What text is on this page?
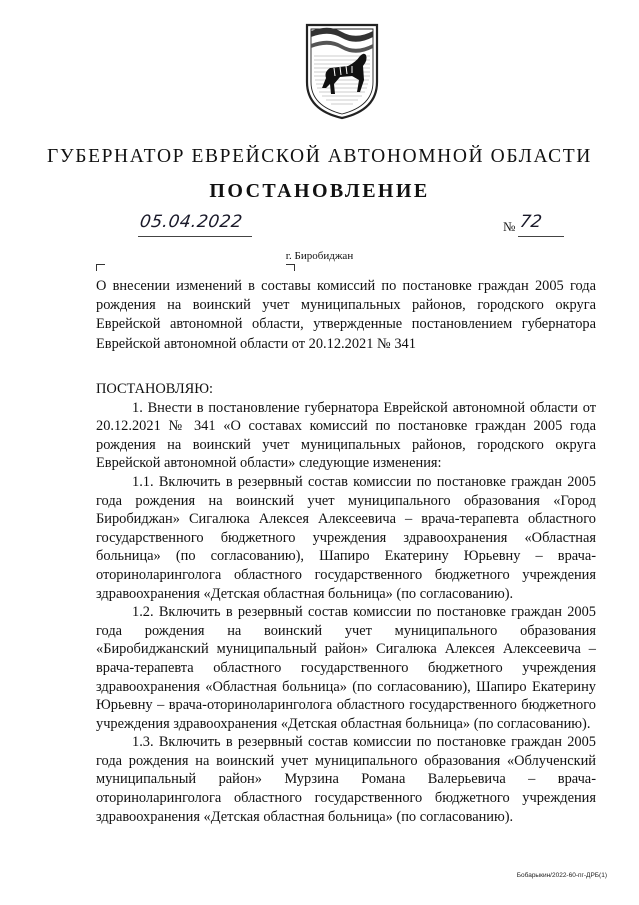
ГУБЕРНАТОР ЕВРЕЙСКОЙ АВТОНОМНОЙ ОБЛАСТИ
ПОСТАНОВЛЕНИЕ
05.04.2022	№ 72
г. Биробиджан
О внесении изменений в составы комиссий по постановке граждан 2005 года рождения на воинский учет муниципальных районов, городского округа Еврейской автономной области, утвержденные постановлением губернатора Еврейской автономной области от 20.12.2021 № 341

ПОСТАНОВЛЯЮ:

1. Внести в постановление губернатора Еврейской автономной области от 20.12.2021 № 341 «О составах комиссий по постановке граждан 2005 года рождения на воинский учет муниципальных районов, городского округа Еврейской автономной области» следующие изменения:

1.1. Включить в резервный состав комиссии по постановке граждан 2005 года рождения на воинский учет муниципального образования «Город Биробиджан» Сигалюка Алексея Алексеевича – врача-терапевта областного государственного бюджетного учреждения здравоохранения «Областная больница» (по согласованию), Шапиро Екатерину Юрьевну – врача-оториноларинголога областного государственного бюджетного учреждения здравоохранения «Детская областная больница» (по согласованию).

1.2. Включить в резервный состав комиссии по постановке граждан 2005 года рождения на воинский учет муниципального образования «Биробиджанский муниципальный район» Сигалюка Алексея Алексеевича – врача-терапевта областного государственного бюджетного учреждения здравоохранения «Областная больница» (по согласованию), Шапиро Екатерину Юрьевну – врача-оториноларинголога областного государственного бюджетного учреждения здравоохранения «Детская областная больница» (по согласованию).

1.3. Включить в резервный состав комиссии по постановке граждан 2005 года рождения на воинский учет муниципального образования «Облученский муниципальный район» Мурзина Романа Валерьевича – врача-оториноларинголога областного государственного бюджетного учреждения здравоохранения «Детская областная больница» (по согласованию).

Бобарыкин/2022-60-пг-ДРБ(1)
